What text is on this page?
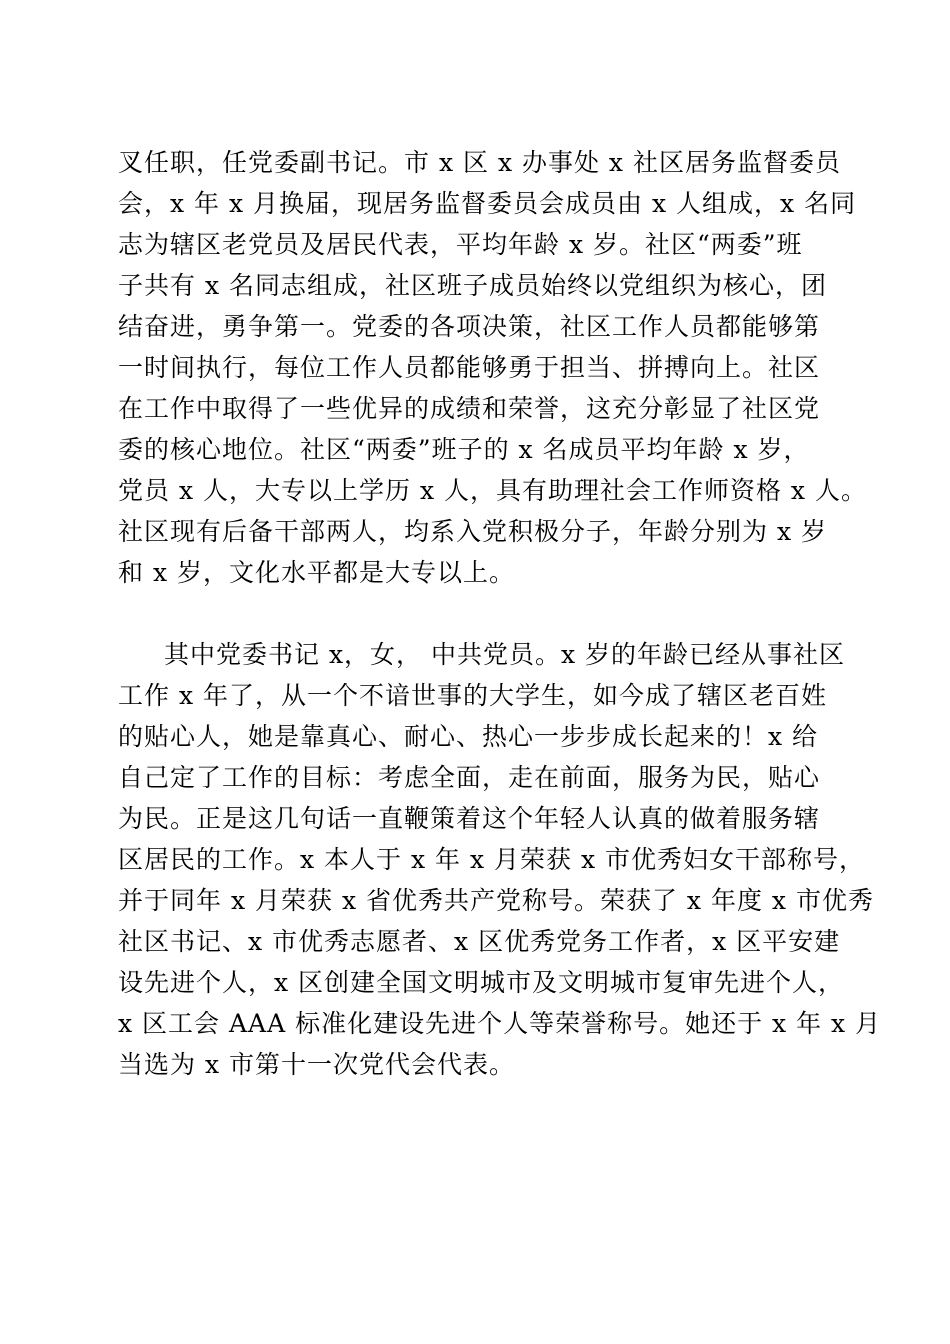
叉任职，任党委副书记。市 x 区 x 办事处 x 社区居务监督委员
会，x 年 x 月换届，现居务监督委员会成员由 x 人组成，x 名同
志为辖区老党员及居民代表，平均年龄 x 岁。社区“两委”班
子共有 x 名同志组成，社区班子成员始终以党组织为核心，团
结奋进，勇争第一。党委的各项决策，社区工作人员都能够第
一时间执行，每位工作人员都能够勇于担当、拼搏向上。社区
在工作中取得了一些优异的成绩和荣誉，这充分彰显了社区党
委的核心地位。社区“两委”班子的 x 名成员平均年龄 x 岁，
党员 x 人，大专以上学历 x 人，具有助理社会工作师资格 x 人。
社区现有后备干部两人，均系入党积极分子，年龄分别为 x 岁
和 x 岁，文化水平都是大专以上。
其中党委书记 x，女， 中共党员。x 岁的年龄已经从事社区
工作 x 年了，从一个不谙世事的大学生，如今成了辖区老百姓
的贴心人，她是靠真心、耐心、热心一步步成长起来的！x 给
自己定了工作的目标：考虑全面，走在前面，服务为民，贴心
为民。正是这几句话一直鞭策着这个年轻人认真的做着服务辖
区居民的工作。x 本人于 x 年 x 月荣获 x 市优秀妇女干部称号，
并于同年 x 月荣获 x 省优秀共产党称号。荣获了 x 年度 x 市优秀
社区书记、x 市优秀志愿者、x 区优秀党务工作者，x 区平安建
设先进个人，x 区创建全国文明城市及文明城市复审先进个人，
x 区工会 AAA 标准化建设先进个人等荣誉称号。她还于 x 年 x 月
当选为 x 市第十一次党代会代表。
